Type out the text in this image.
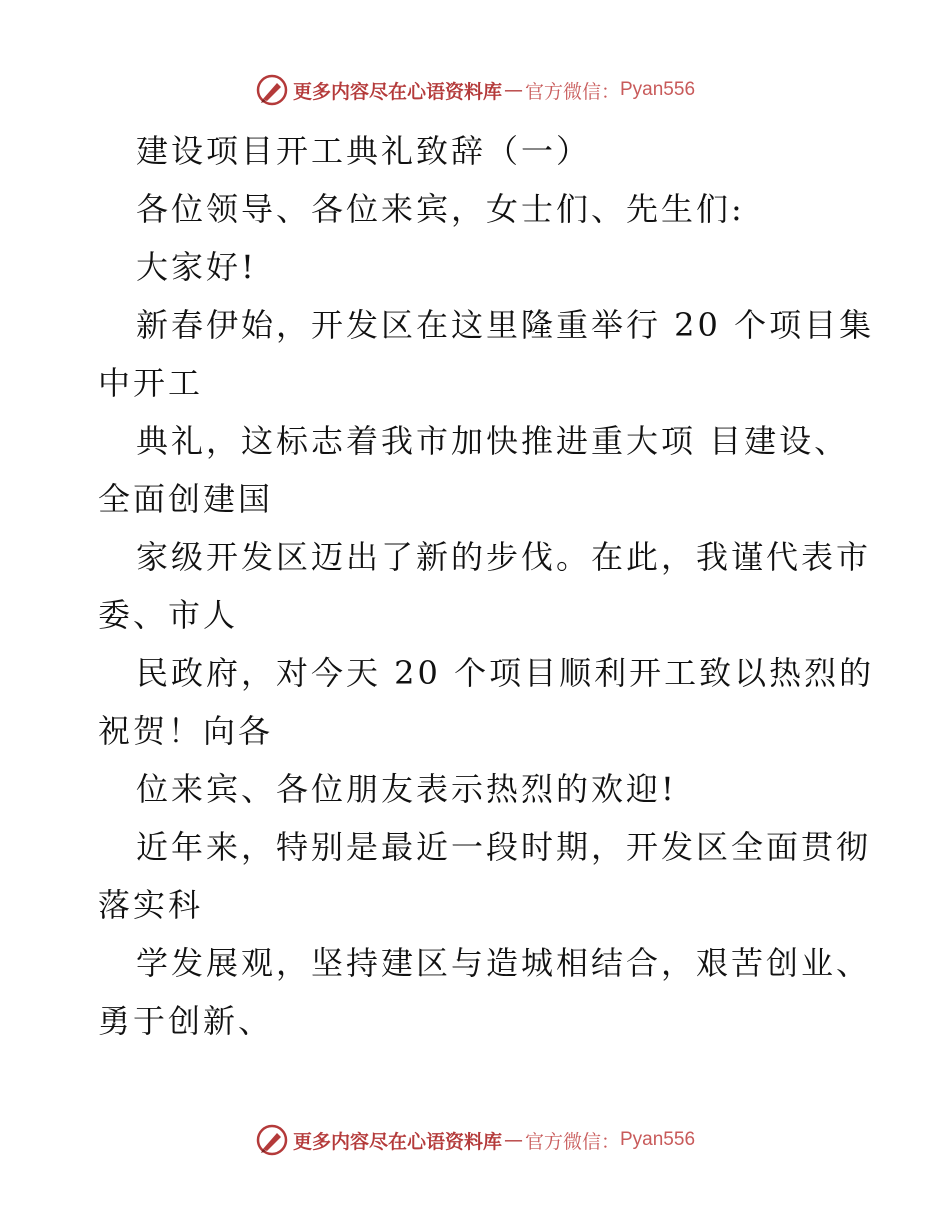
更多内容尽在心语资料库 — 官方微信： Pyan556
建设项目开工典礼致辞（一）
各位领导、各位来宾，女士们、先生们:
大家好!
新春伊始，开发区在这里隆重举行 20 个项目集
中开工
典礼，这标志着我市加快推进重大项 目建设、
全面创建国
家级开发区迈出了新的步伐。在此，我谨代表市
委、市人
民政府，对今天 20 个项目顺利开工致以热烈的
祝贺！向各
位来宾、各位朋友表示热烈的欢迎!
近年来，特别是最近一段时期，开发区全面贯彻
落实科
学发展观，坚持建区与造城相结合，艰苦创业、
勇于创新、
更多内容尽在心语资料库 — 官方微信： Pyan556
